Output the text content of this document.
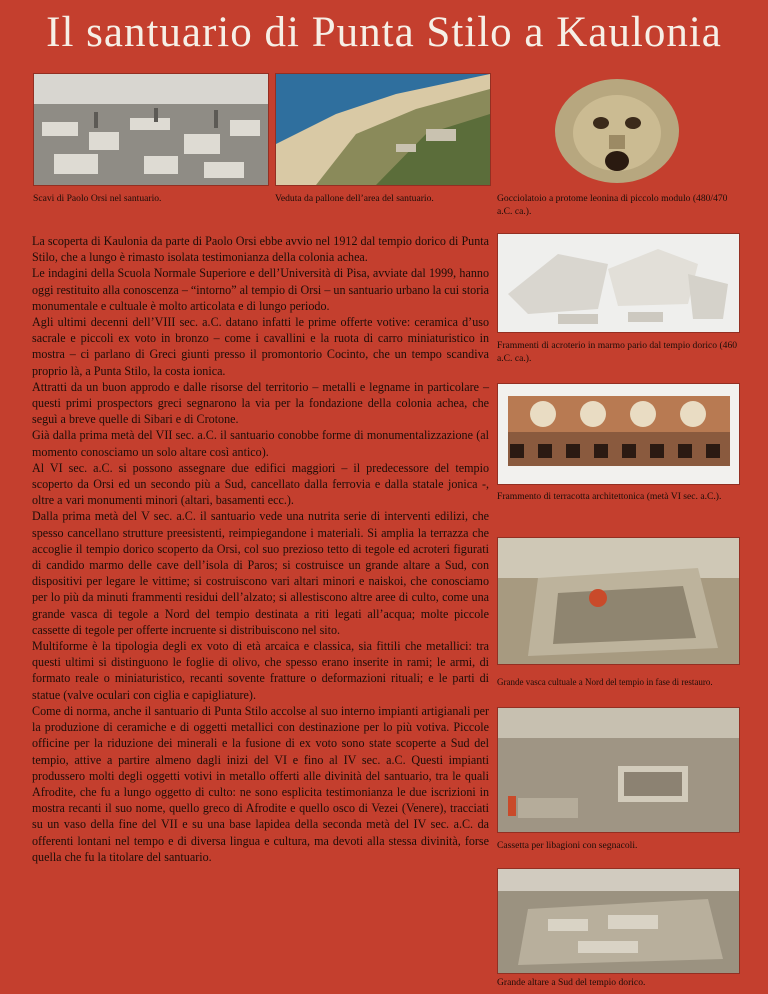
Il santuario di Punta Stilo a Kaulonia
Scavi di Paolo Orsi nel santuario.	Veduta da pallone dell’area del santuario.	Gocciolatoio a protome leonina di piccolo modulo (480/470 a.C. ca.).
Frammenti di acroterio in marmo pario dal tempio dorico (460 a.C. ca.).
Frammento di terracotta architettonica (metà VI sec. a.C.).
Grande vasca cultuale a Nord del tempio in fase di restauro.
Cassetta per libagioni con segnacoli.
Grande altare a Sud del tempio dorico.

La scoperta di Kaulonia da parte di Paolo Orsi ebbe avvio nel 1912 dal tempio dorico di Punta Stilo, che a lungo è rimasto isolata testimonianza della colonia achea.

Le indagini della Scuola Normale Superiore e dell’Università di Pisa, avviate dal 1999, hanno oggi restituito alla conoscenza – “intorno” al tempio di Orsi – un santuario urbano la cui storia monumentale e cultuale è molto articolata e di lungo periodo.

Agli ultimi decenni dell’VIII sec. a.C. datano infatti le prime offerte votive: ceramica d’uso sacrale e piccoli ex voto in bronzo – come i cavallini e la ruota di carro miniaturistico in mostra – ci parlano di Greci giunti presso il promontorio Cocinto, che un tempo scandiva proprio là, a Punta Stilo, la costa ionica.

Attratti da un buon approdo e dalle risorse del territorio – metalli e legname in particolare – questi primi prospectors greci segnarono la via per la fondazione della colonia achea, che seguì a breve quelle di Sibari e di Crotone.

Già dalla prima metà del VII sec. a.C. il santuario conobbe forme di monumentalizzazione (al momento conosciamo un solo altare così antico).

Al VI sec. a.C. si possono assegnare due edifici maggiori – il predecessore del tempio scoperto da Orsi ed un secondo più a Sud, cancellato dalla ferrovia e dalla statale jonica -, oltre a vari monumenti minori (altari, basamenti ecc.).

Dalla prima metà del V sec. a.C. il santuario vede una nutrita serie di interventi edilizi, che spesso cancellano strutture preesistenti, reimpiegandone i materiali. Si amplia la terrazza che accoglie il tempio dorico scoperto da Orsi, col suo prezioso tetto di tegole ed acroteri figurati di candido marmo delle cave dell’isola di Paros; si costruisce un grande altare a Sud, con dispositivi per legare le vittime; si costruiscono vari altari minori e naiskoi, che conosciamo per lo più da minuti frammenti residui dell’alzato; si allestiscono altre aree di culto, come una grande vasca di tegole a Nord del tempio destinata a riti legati all’acqua; molte piccole cassette di tegole per offerte incruente si distribuiscono nel sito.

Multiforme è la tipologia degli ex voto di età arcaica e classica, sia fittili che metallici: tra questi ultimi si distinguono le foglie di olivo, che spesso erano inserite in rami; le armi, di formato reale o miniaturistico, recanti sovente fratture o deformazioni rituali; e le parti di statue (valve oculari con ciglia e capigliature).

Come di norma, anche il santuario di Punta Stilo accolse al suo interno impianti artigianali per la produzione di ceramiche e di oggetti metallici con destinazione per lo più votiva. Piccole officine per la riduzione dei minerali e la fusione di ex voto sono state scoperte a Sud del tempio, attive a partire almeno dagli inizi del VI e fino al IV sec. a.C. Questi impianti produssero molti degli oggetti votivi in metallo offerti alle divinità del santuario, tra le quali Afrodite, che fu a lungo oggetto di culto: ne sono esplicita testimonianza le due iscrizioni in mostra recanti il suo nome, quello greco di Afrodite e quello osco di Vezei (Venere), tracciati su un vaso della fine del VII e su una base lapidea della seconda metà del IV sec. a.C. da offerenti lontani nel tempo e di diversa lingua e cultura, ma devoti alla stessa divinità, forse quella che fu la titolare del santuario.
